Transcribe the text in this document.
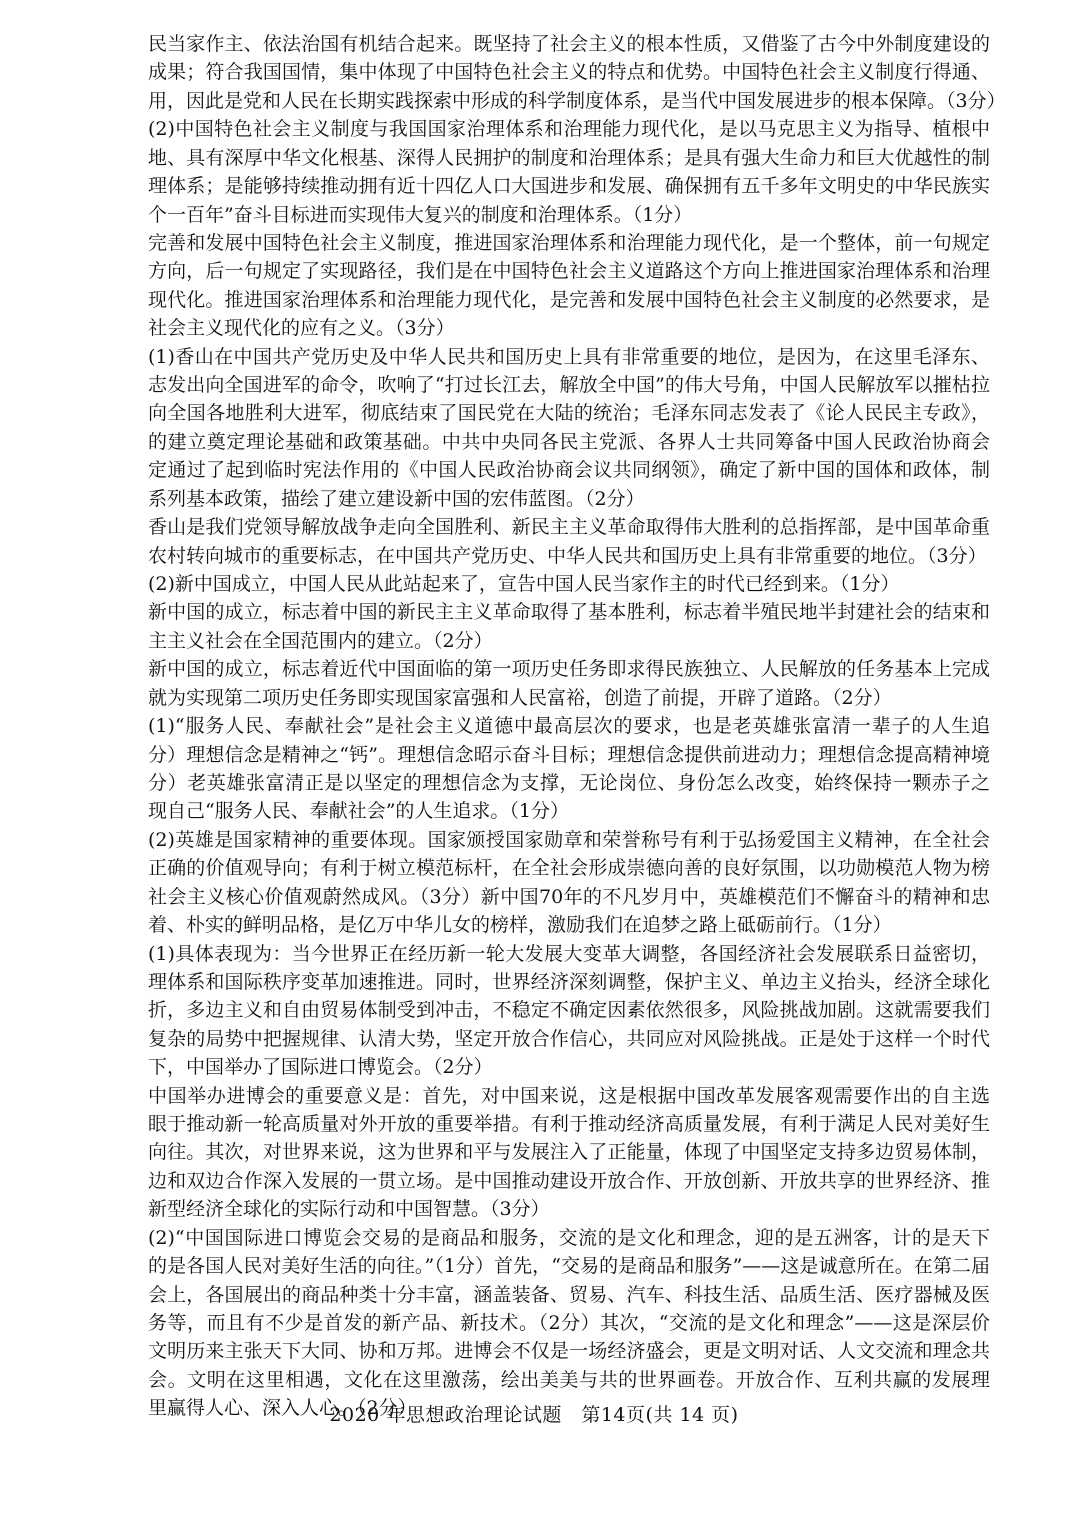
民当家作主、依法治国有机结合起来。既坚持了社会主义的根本性质，又借鉴了古今中外制度建设的
成果；符合我国国情，集中体现了中国特色社会主义的特点和优势。中国特色社会主义制度行得通、
用，因此是党和人民在长期实践探索中形成的科学制度体系，是当代中国发展进步的根本保障。（3分）
(2)中国特色社会主义制度与我国国家治理体系和治理能力现代化，是以马克思主义为指导、植根中
地、具有深厚中华文化根基、深得人民拥护的制度和治理体系；是具有强大生命力和巨大优越性的制
理体系；是能够持续推动拥有近十四亿人口大国进步和发展、确保拥有五千多年文明史的中华民族实
个一百年”奋斗目标进而实现伟大复兴的制度和治理体系。（1分）
完善和发展中国特色社会主义制度，推进国家治理体系和治理能力现代化，是一个整体，前一句规定
方向，后一句规定了实现路径，我们是在中国特色社会主义道路这个方向上推进国家治理体系和治理
现代化。推进国家治理体系和治理能力现代化，是完善和发展中国特色社会主义制度的必然要求，是
社会主义现代化的应有之义。（3分）
(1)香山在中国共产党历史及中华人民共和国历史上具有非常重要的地位，是因为，在这里毛泽东、
志发出向全国进军的命令，吹响了“打过长江去，解放全中国”的伟大号角，中国人民解放军以摧枯拉
向全国各地胜利大进军，彻底结束了国民党在大陆的统治；毛泽东同志发表了《论人民民主专政》，
的建立奠定理论基础和政策基础。中共中央同各民主党派、各界人士共同筹备中国人民政治协商会
定通过了起到临时宪法作用的《中国人民政治协商会议共同纲领》，确定了新中国的国体和政体，制
系列基本政策，描绘了建立建设新中国的宏伟蓝图。（2分）
香山是我们党领导解放战争走向全国胜利、新民主主义革命取得伟大胜利的总指挥部，是中国革命重
农村转向城市的重要标志，在中国共产党历史、中华人民共和国历史上具有非常重要的地位。（3分）
(2)新中国成立，中国人民从此站起来了，宣告中国人民当家作主的时代已经到来。（1分）
新中国的成立，标志着中国的新民主主义革命取得了基本胜利，标志着半殖民地半封建社会的结束和
主主义社会在全国范围内的建立。（2分）
新中国的成立，标志着近代中国面临的第一项历史任务即求得民族独立、人民解放的任务基本上完成
就为实现第二项历史任务即实现国家富强和人民富裕，创造了前提，开辟了道路。（2分）
(1)“服务人民、奉献社会”是社会主义道德中最高层次的要求，也是老英雄张富清一辈子的人生追
分）理想信念是精神之“钙”。理想信念昭示奋斗目标；理想信念提供前进动力；理想信念提高精神境
分）老英雄张富清正是以坚定的理想信念为支撑，无论岗位、身份怎么改变，始终保持一颗赤子之
现自己“服务人民、奉献社会”的人生追求。（1分）
(2)英雄是国家精神的重要体现。国家颁授国家勋章和荣誉称号有利于弘扬爱国主义精神，在全社会
正确的价值观导向；有利于树立模范标杆，在全社会形成崇德向善的良好氛围，以功勋模范人物为榜
社会主义核心价值观蔚然成风。（3分）新中国70年的不凡岁月中，英雄模范们不懈奋斗的精神和忠
着、朴实的鲜明品格，是亿万中华儿女的榜样，激励我们在追梦之路上砥砺前行。（1分）
(1)具体表现为：当今世界正在经历新一轮大发展大变革大调整，各国经济社会发展联系日益密切，
理体系和国际秩序变革加速推进。同时，世界经济深刻调整，保护主义、单边主义抬头，经济全球化
折，多边主义和自由贸易体制受到冲击，不稳定不确定因素依然很多，风险挑战加剧。这就需要我们
复杂的局势中把握规律、认清大势，坚定开放合作信心，共同应对风险挑战。正是处于这样一个时代
下，中国举办了国际进口博览会。（2分）
中国举办进博会的重要意义是：首先，对中国来说，这是根据中国改革发展客观需要作出的自主选
眼于推动新一轮高质量对外开放的重要举措。有利于推动经济高质量发展，有利于满足人民对美好生
向往。其次，对世界来说，这为世界和平与发展注入了正能量，体现了中国坚定支持多边贸易体制，
边和双边合作深入发展的一贯立场。是中国推动建设开放合作、开放创新、开放共享的世界经济、推
新型经济全球化的实际行动和中国智慧。（3分）
(2)“中国国际进口博览会交易的是商品和服务，交流的是文化和理念，迎的是五洲客，计的是天下
的是各国人民对美好生活的向往。”（1分）首先，“交易的是商品和服务”——这是诚意所在。在第二届
会上，各国展出的商品种类十分丰富，涵盖装备、贸易、汽车、科技生活、品质生活、医疗器械及医
务等，而且有不少是首发的新产品、新技术。（2分）其次，“交流的是文化和理念”——这是深层价
文明历来主张天下大同、协和万邦。进博会不仅是一场经济盛会，更是文明对话、人文交流和理念共
会。文明在这里相遇，文化在这里激荡，绘出美美与共的世界画卷。开放合作、互利共赢的发展理
里赢得人心、深入人心。（2分）
2020 年思想政治理论试题　第14页(共 14 页)
